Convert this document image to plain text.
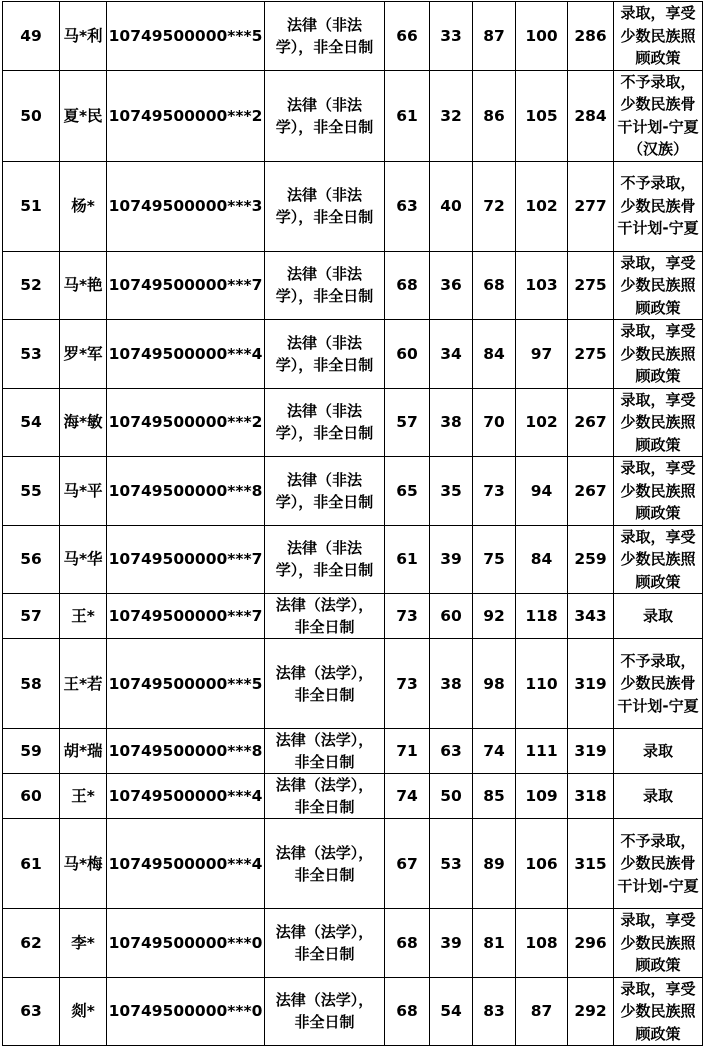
49	马*利	10749500000***5	法律（非法学），非全日制	66	33	87	100	286	录取，享受少数民族照顾政策
50	夏*民	10749500000***2	法律（非法学），非全日制	61	32	86	105	284	不予录取，少数民族骨干计划-宁夏（汉族）
51	杨*	10749500000***3	法律（非法学），非全日制	63	40	72	102	277	不予录取，少数民族骨干计划-宁夏
52	马*艳	10749500000***7	法律（非法学），非全日制	68	36	68	103	275	录取，享受少数民族照顾政策
53	罗*军	10749500000***4	法律（非法学），非全日制	60	34	84	97	275	录取，享受少数民族照顾政策
54	海*敏	10749500000***2	法律（非法学），非全日制	57	38	70	102	267	录取，享受少数民族照顾政策
55	马*平	10749500000***8	法律（非法学），非全日制	65	35	73	94	267	录取，享受少数民族照顾政策
56	马*华	10749500000***7	法律（非法学），非全日制	61	39	75	84	259	录取，享受少数民族照顾政策
57	王*	10749500000***7	法律（法学），非全日制	73	60	92	118	343	录取
58	王*若	10749500000***5	法律（法学），非全日制	73	38	98	110	319	不予录取，少数民族骨干计划-宁夏
59	胡*瑞	10749500000***8	法律（法学），非全日制	71	63	74	111	319	录取
60	王*	10749500000***4	法律（法学），非全日制	74	50	85	109	318	录取
61	马*梅	10749500000***4	法律（法学），非全日制	67	53	89	106	315	不予录取，少数民族骨干计划-宁夏
62	李*	10749500000***0	法律（法学），非全日制	68	39	81	108	296	录取，享受少数民族照顾政策
63	剡*	10749500000***0	法律（法学），非全日制	68	54	83	87	292	录取，享受少数民族照顾政策
